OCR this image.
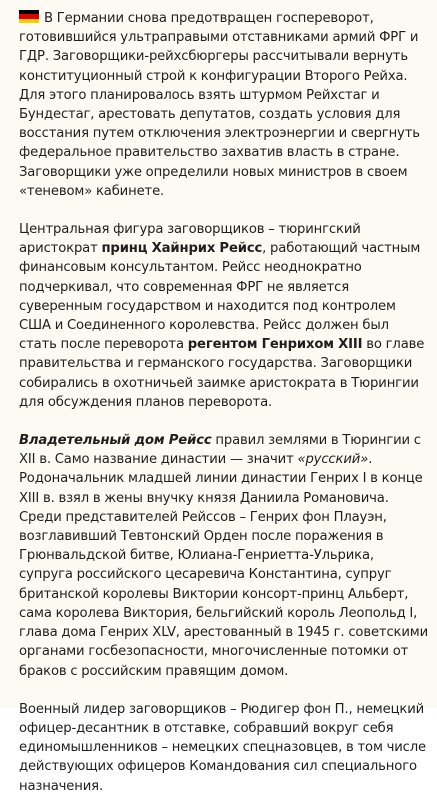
В Германии снова предотвращен госпереворот, готовившийся ультраправыми отставниками армий ФРГ и ГДР. Заговорщики-рейхсбюргеры рассчитывали вернуть конституционный строй к конфигурации Второго Рейха. Для этого планировалось взять штурмом Рейхстаг и Бундестаг, арестовать депутатов, создать условия для восстания путем отключения электроэнергии и свергнуть федеральное правительство захватив власть в стране. Заговорщики уже определили новых министров в своем «теневом» кабинете.

Центральная фигура заговорщиков – тюрингский аристократ принц Хайнрих Рейсс, работающий частным финансовым консультантом. Рейсс неоднократно подчеркивал, что современная ФРГ не является суверенным государством и находится под контролем США и Соединенного королевства. Рейсс должен был стать после переворота регентом Генрихом XIII во главе правительства и германского государства. Заговорщики собирались в охотничьей заимке аристократа в Тюрингии для обсуждения планов переворота.

Владетельный дом Рейсс правил землями в Тюрингии с XII в. Само название династии — значит «русский». Родоначальник младшей линии династии Генрих I в конце XIII в. взял в жены внучку князя Даниила Романовича. Среди представителей Рейссов – Генрих фон Плауэн, возглавивший Тевтонский Орден после поражения в Грюнвальдской битве, Юлиана-Генриетта-Ульрика, супруга российского цесаревича Константина, супруг британской королевы Виктории консорт-принц Альберт, сама королева Виктория, бельгийский король Леопольд I, глава дома Генрих XLV, арестованный в 1945 г. советскими органами госбезопасности, многочисленные потомки от браков с российским правящим домом.

Военный лидер заговорщиков – Рюдигер фон П., немецкий офицер-десантник в отставке, собравший вокруг себя единомышленников – немецких спецназовцев, в том числе действующих офицеров Командования сил специального назначения.
